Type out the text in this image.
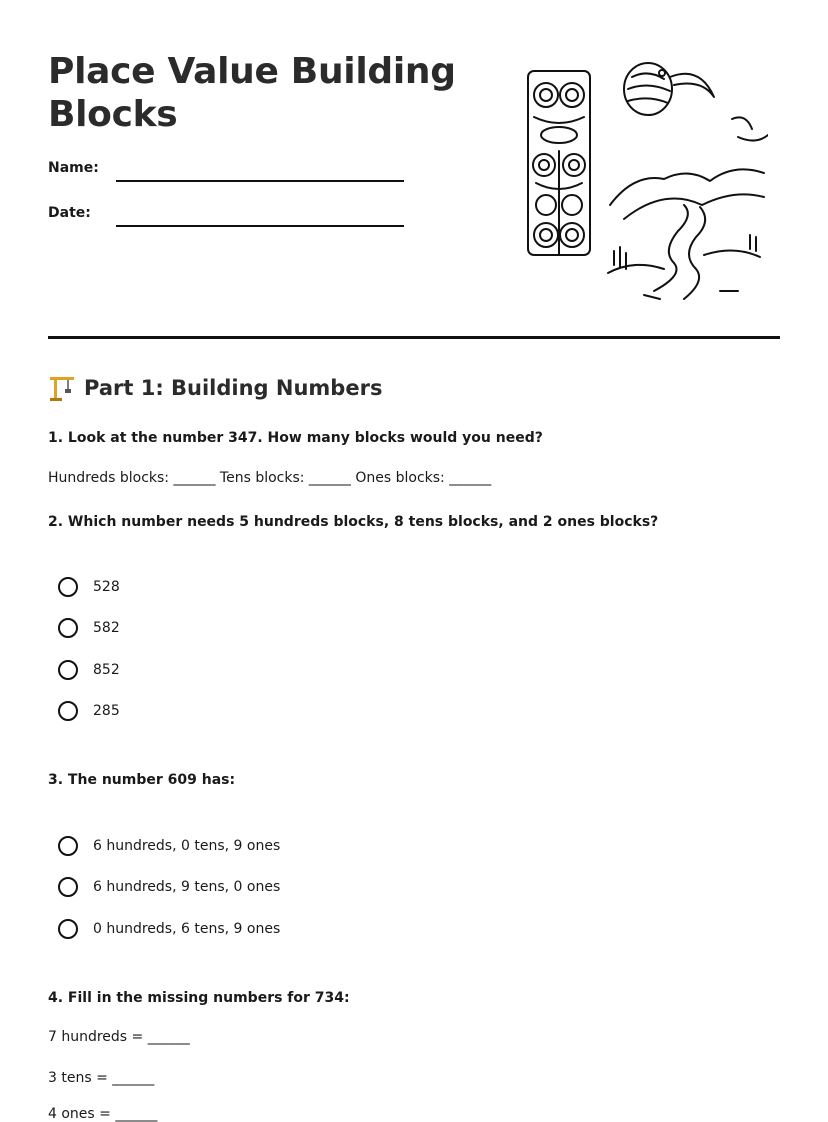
Place Value Building Blocks
Name:
Date:
Part 1: Building Numbers

1. Look at the number 347. How many blocks would you need?

Hundreds blocks: ______ Tens blocks: ______ Ones blocks: ______

2. Which number needs 5 hundreds blocks, 8 tens blocks, and 2 ones blocks?

528
582
852
285

3. The number 609 has:

6 hundreds, 0 tens, 9 ones
6 hundreds, 9 tens, 0 ones
0 hundreds, 6 tens, 9 ones

4. Fill in the missing numbers for 734:

7 hundreds = ______

3 tens = ______

4 ones = ______
